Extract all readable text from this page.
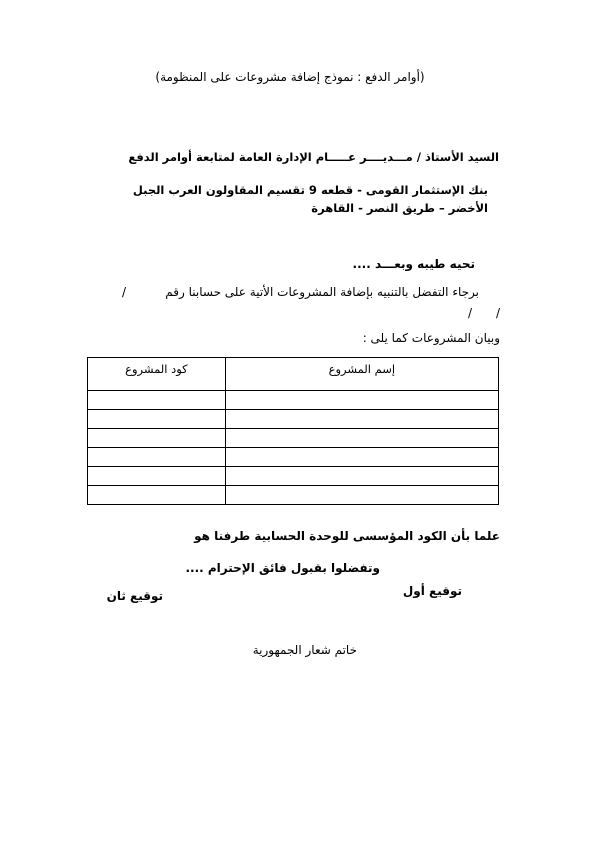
(أوامر الدفع : نموذج إضافة مشروعات على المنظومة)
السيد الأستاذ / مـــديــــر عـــــام الإدارة العامة لمتابعة أوامر الدفع
بنك الإستثمار القومى - قطعه 9 تقسيم المقاولون العرب الجبل
الأخضر – طريق النصر - القاهرة
تحيه طيبه وبعـــد ....
برجاء التفضل بالتنبيه بإضافة المشروعات الأتية على حسابنا رقم
/
/ /
وبيان المشروعات كما يلى :
إسم المشروع	كود المشروع

علما بأن الكود المؤسسى للوحدة الحسابية طرفنا هو
وتفضلوا بقبول فائق الإحترام ....
توقيع أول
توقيع ثان
خاتم شعار الجمهورية
